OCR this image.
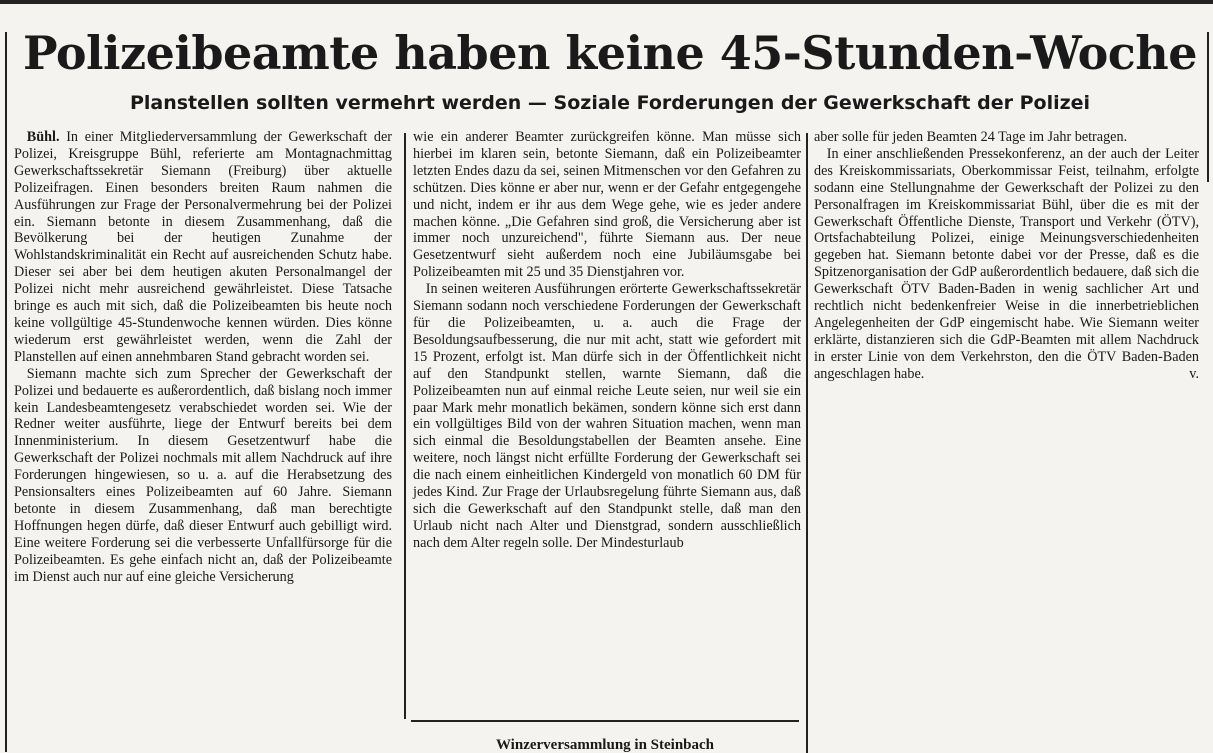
Polizeibeamte haben keine 45-Stunden-Woche
Planstellen sollten vermehrt werden — Soziale Forderungen der Gewerkschaft der Polizei

Bühl. In einer Mitgliederversammlung der Gewerkschaft der Polizei, Kreisgruppe Bühl, referierte am Montagnachmittag Gewerkschaftssekretär Siemann (Freiburg) über aktuelle Polizeifragen. Einen besonders breiten Raum nahmen die Ausführungen zur Frage der Personalvermehrung bei der Polizei ein. Siemann betonte in diesem Zusammenhang, daß die Bevölkerung bei der heutigen Zunahme der Wohlstandskriminalität ein Recht auf ausreichenden Schutz habe. Dieser sei aber bei dem heutigen akuten Personalmangel der Polizei nicht mehr ausreichend gewährleistet. Diese Tatsache bringe es auch mit sich, daß die Polizeibeamten bis heute noch keine vollgültige 45-Stundenwoche kennen würden. Dies könne wiederum erst gewährleistet werden, wenn die Zahl der Planstellen auf einen annehmbaren Stand gebracht worden sei.

Siemann machte sich zum Sprecher der Gewerkschaft der Polizei und bedauerte es außerordentlich, daß bislang noch immer kein Landesbeamtengesetz verabschiedet worden sei. Wie der Redner weiter ausführte, liege der Entwurf bereits bei dem Innenministerium. In diesem Gesetzentwurf habe die Gewerkschaft der Polizei nochmals mit allem Nachdruck auf ihre Forderungen hingewiesen, so u. a. auf die Herabsetzung des Pensionsalters eines Polizeibeamten auf 60 Jahre. Siemann betonte in diesem Zusammenhang, daß man berechtigte Hoffnungen hegen dürfe, daß dieser Entwurf auch gebilligt wird. Eine weitere Forderung sei die verbesserte Unfallfürsorge für die Polizeibeamten. Es gehe einfach nicht an, daß der Polizeibeamte im Dienst auch nur auf eine gleiche Versicherung

wie ein anderer Beamter zurückgreifen könne. Man müsse sich hierbei im klaren sein, betonte Siemann, daß ein Polizeibeamter letzten Endes dazu da sei, seinen Mitmenschen vor den Gefahren zu schützen. Dies könne er aber nur, wenn er der Gefahr entgegengehe und nicht, indem er ihr aus dem Wege gehe, wie es jeder andere machen könne. „Die Gefahren sind groß, die Versicherung aber ist immer noch unzureichend", führte Siemann aus. Der neue Gesetzentwurf sieht außerdem noch eine Jubiläumsgabe bei Polizeibeamten mit 25 und 35 Dienstjahren vor.

In seinen weiteren Ausführungen erörterte Gewerkschaftssekretär Siemann sodann noch verschiedene Forderungen der Gewerkschaft für die Polizeibeamten, u. a. auch die Frage der Besoldungsaufbesserung, die nur mit acht, statt wie gefordert mit 15 Prozent, erfolgt ist. Man dürfe sich in der Öffentlichkeit nicht auf den Standpunkt stellen, warnte Siemann, daß die Polizeibeamten nun auf einmal reiche Leute seien, nur weil sie ein paar Mark mehr monatlich bekämen, sondern könne sich erst dann ein vollgültiges Bild von der wahren Situation machen, wenn man sich einmal die Besoldungstabellen der Beamten ansehe. Eine weitere, noch längst nicht erfüllte Forderung der Gewerkschaft sei die nach einem einheitlichen Kindergeld von monatlich 60 DM für jedes Kind. Zur Frage der Urlaubsregelung führte Siemann aus, daß sich die Gewerkschaft auf den Standpunkt stelle, daß man den Urlaub nicht nach Alter und Dienstgrad, sondern ausschließlich nach dem Alter regeln solle. Der Mindesturlaub

aber solle für jeden Beamten 24 Tage im Jahr betragen.

In einer anschließenden Pressekonferenz, an der auch der Leiter des Kreiskommissariats, Oberkommissar Feist, teilnahm, erfolgte sodann eine Stellungnahme der Gewerkschaft der Polizei zu den Personalfragen im Kreiskommissariat Bühl, über die es mit der Gewerkschaft Öffentliche Dienste, Transport und Verkehr (ÖTV), Ortsfachabteilung Polizei, einige Meinungsverschiedenheiten gegeben hat. Siemann betonte dabei vor der Presse, daß es die Spitzenorganisation der GdP außerordentlich bedauere, daß sich die Gewerkschaft ÖTV Baden-Baden in wenig sachlicher Art und rechtlich nicht bedenkenfreier Weise in die innerbetrieblichen Angelegenheiten der GdP eingemischt habe. Wie Siemann weiter erklärte, distanzieren sich die GdP-Beamten mit allem Nachdruck in erster Linie von dem Verkehrston, den die ÖTV Baden-Baden angeschlagen habe.	v.

Winzerversammlung in Steinbach
